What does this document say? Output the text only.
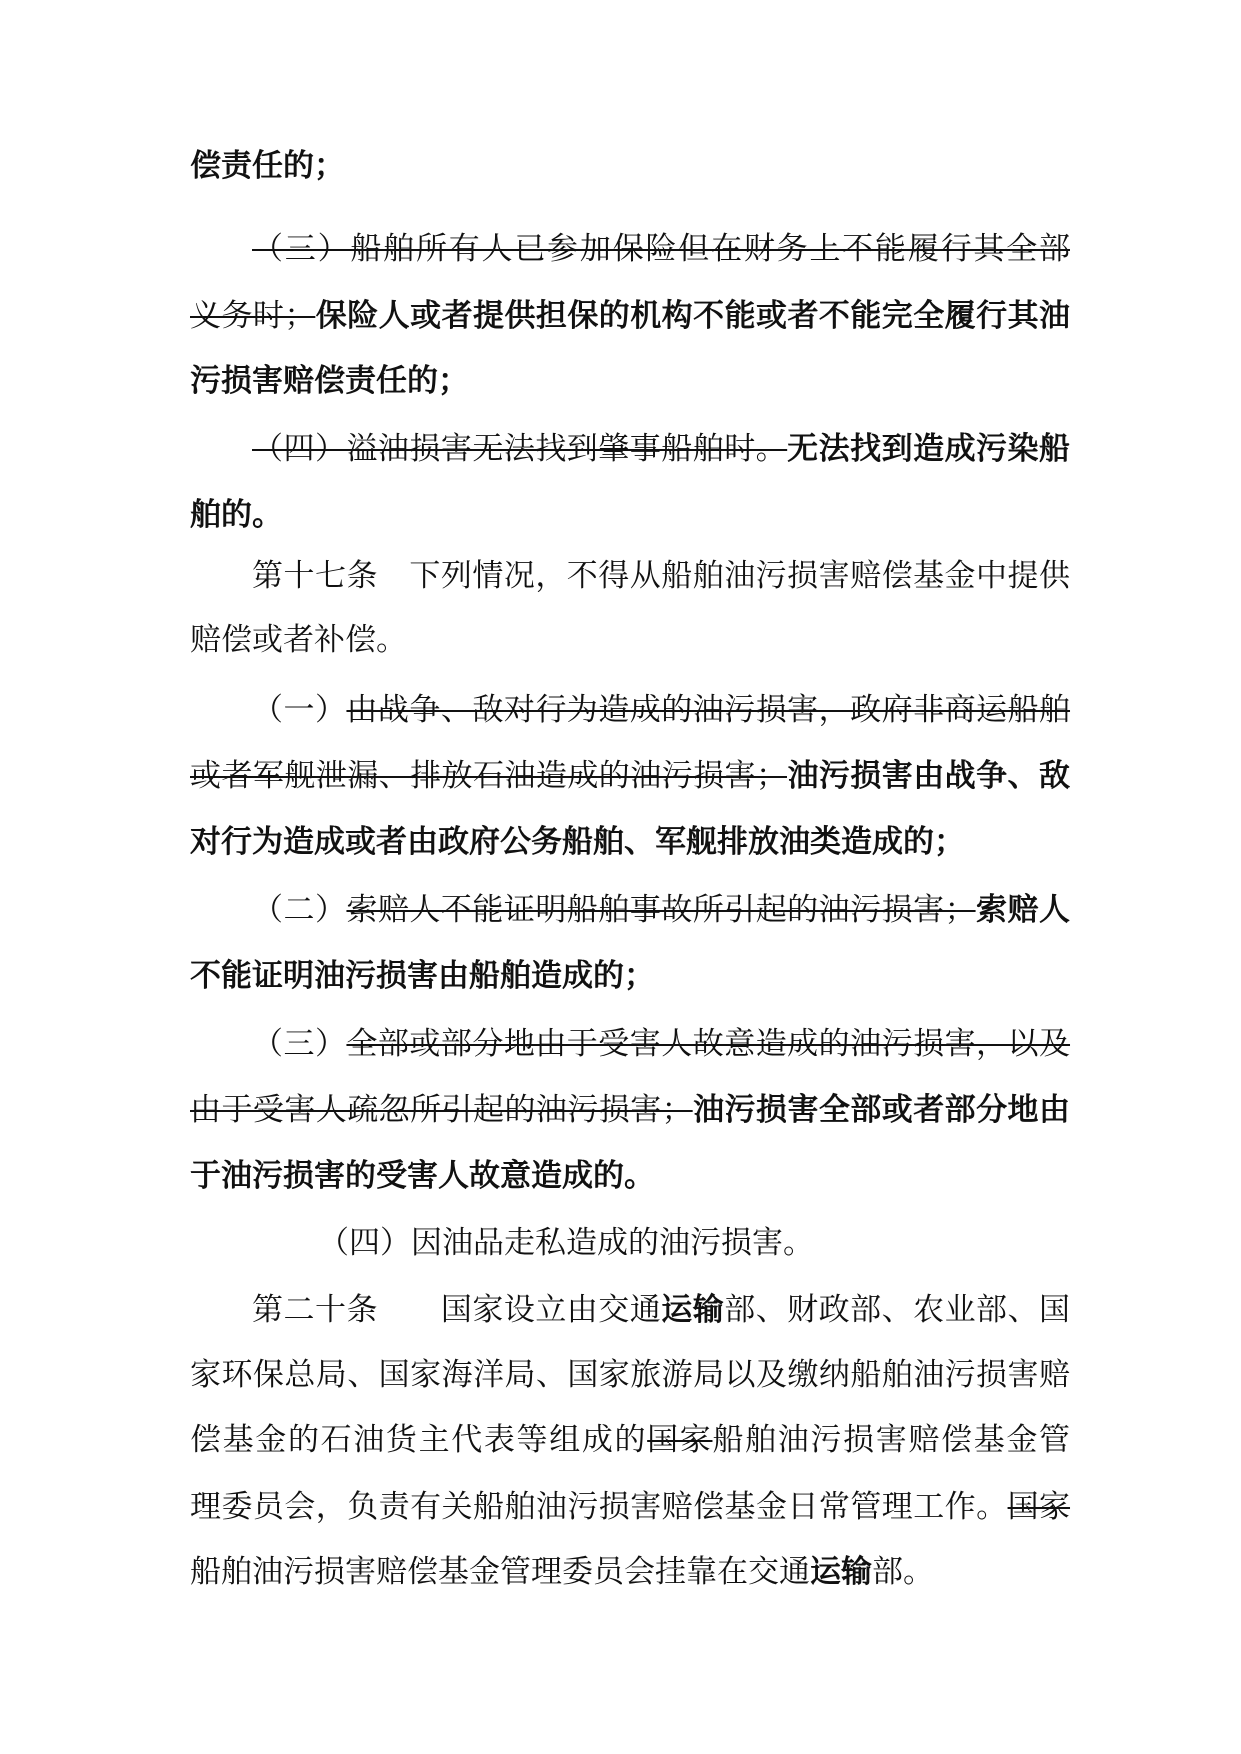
偿责任的；
（三）船舶所有人已参加保险但在财务上不能履行其全部
义务时；保险人或者提供担保的机构不能或者不能完全履行其油
污损害赔偿责任的；
（四）溢油损害无法找到肇事船舶时。无法找到造成污染船
舶的。
第十七条　下列情况，不得从船舶油污损害赔偿基金中提供
赔偿或者补偿。
（一）由战争、敌对行为造成的油污损害，政府非商运船舶
或者军舰泄漏、排放石油造成的油污损害；油污损害由战争、敌
对行为造成或者由政府公务船舶、军舰排放油类造成的；
（二）索赔人不能证明船舶事故所引起的油污损害；索赔人
不能证明油污损害由船舶造成的；
（三）全部或部分地由于受害人故意造成的油污损害，以及
由于受害人疏忽所引起的油污损害；油污损害全部或者部分地由
于油污损害的受害人故意造成的。
（四）因油品走私造成的油污损害。
第二十条　　国家设立由交通运输部、财政部、农业部、国
家环保总局、国家海洋局、国家旅游局以及缴纳船舶油污损害赔
偿基金的石油货主代表等组成的国家船舶油污损害赔偿基金管
理委员会，负责有关船舶油污损害赔偿基金日常管理工作。国家
船舶油污损害赔偿基金管理委员会挂靠在交通运输部。
